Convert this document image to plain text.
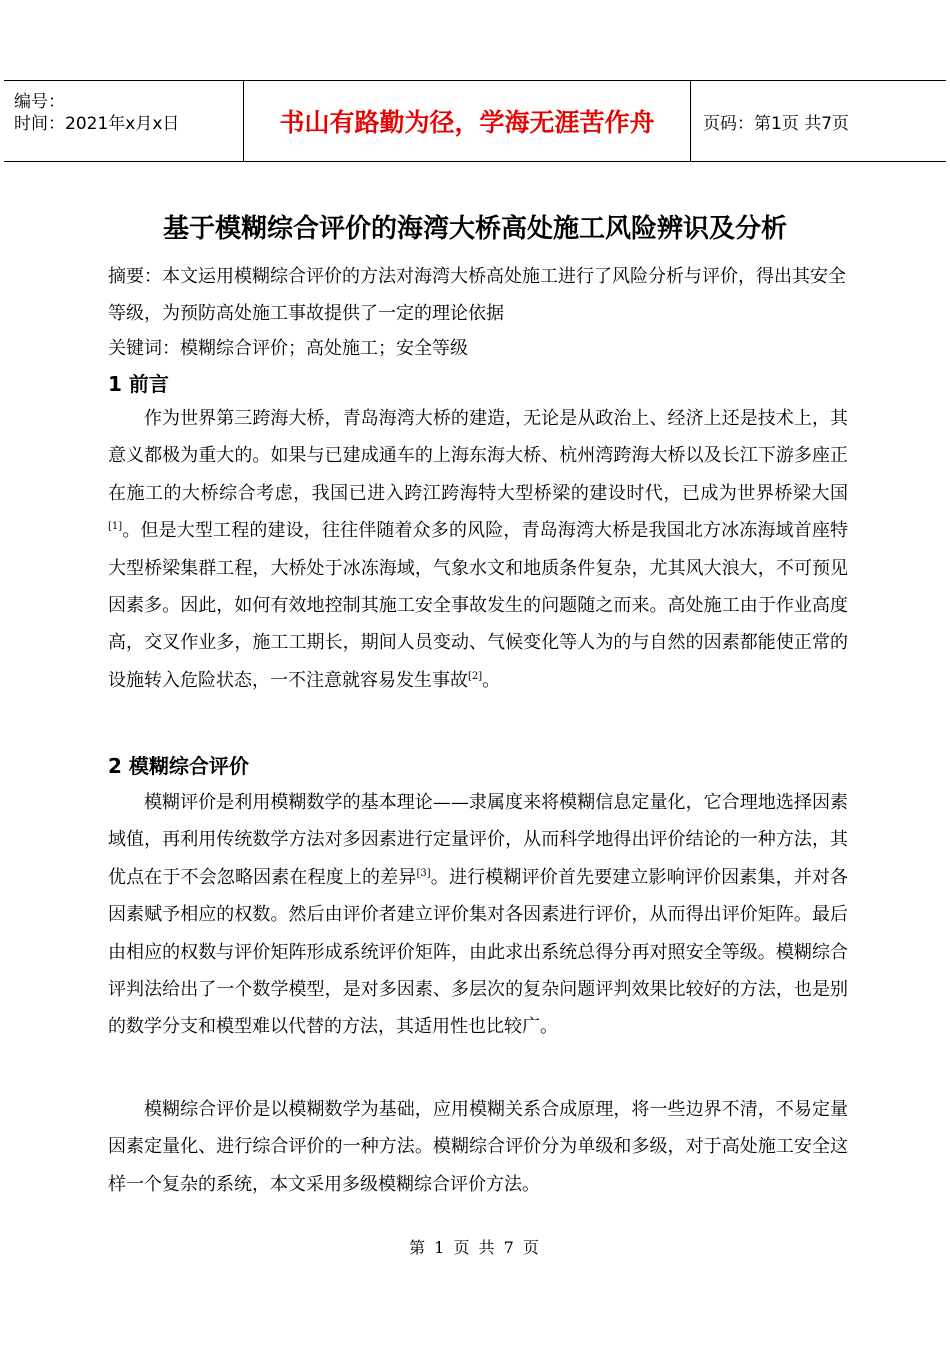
编号：
时间：2021年x月x日	书山有路勤为径，学海无涯苦作舟	页码：第1页 共7页
基于模糊综合评价的海湾大桥高处施工风险辨识及分析
摘要：本文运用模糊综合评价的方法对海湾大桥高处施工进行了风险分析与评价，得出其安全等级，为预防高处施工事故提供了一定的理论依据
关键词：模糊综合评价；高处施工；安全等级
1 前言

作为世界第三跨海大桥，青岛海湾大桥的建造，无论是从政治上、经济上还是技术上，其意义都极为重大的。如果与已建成通车的上海东海大桥、杭州湾跨海大桥以及长江下游多座正在施工的大桥综合考虑，我国已进入跨江跨海特大型桥梁的建设时代，已成为世界桥梁大国[1]。但是大型工程的建设，往往伴随着众多的风险，青岛海湾大桥是我国北方冰冻海域首座特大型桥梁集群工程，大桥处于冰冻海域，气象水文和地质条件复杂，尤其风大浪大，不可预见因素多。因此，如何有效地控制其施工安全事故发生的问题随之而来。高处施工由于作业高度高，交叉作业多，施工工期长，期间人员变动、气候变化等人为的与自然的因素都能使正常的设施转入危险状态，一不注意就容易发生事故[2]。

2 模糊综合评价

模糊评价是利用模糊数学的基本理论——隶属度来将模糊信息定量化，它合理地选择因素域值，再利用传统数学方法对多因素进行定量评价，从而科学地得出评价结论的一种方法，其优点在于不会忽略因素在程度上的差异[3]。进行模糊评价首先要建立影响评价因素集，并对各因素赋予相应的权数。然后由评价者建立评价集对各因素进行评价，从而得出评价矩阵。最后由相应的权数与评价矩阵形成系统评价矩阵，由此求出系统总得分再对照安全等级。模糊综合评判法给出了一个数学模型，是对多因素、多层次的复杂问题评判效果比较好的方法，也是别的数学分支和模型难以代替的方法，其适用性也比较广。

模糊综合评价是以模糊数学为基础，应用模糊关系合成原理，将一些边界不清，不易定量因素定量化、进行综合评价的一种方法。模糊综合评价分为单级和多级，对于高处施工安全这样一个复杂的系统，本文采用多级模糊综合评价方法。

第 1 页 共 7 页
